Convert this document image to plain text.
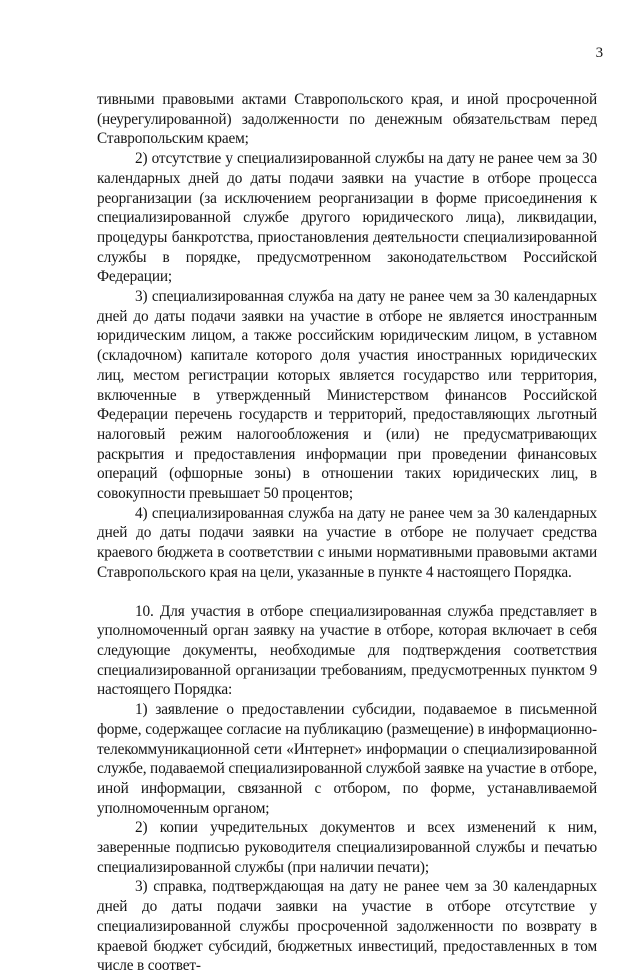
3

тивными правовыми актами Ставропольского края, и иной просроченной (неурегулированной) задолженности по денежным обязательствам перед Ставропольским краем;

2) отсутствие у специализированной службы на дату не ранее чем за 30 календарных дней до даты подачи заявки на участие в отборе процесса реорганизации (за исключением реорганизации в форме присоединения к специализированной службе другого юридического лица), ликвидации, процедуры банкротства, приостановления деятельности специализированной службы в порядке, предусмотренном законодательством Российской Федерации;

3) специализированная служба на дату не ранее чем за 30 календарных дней до даты подачи заявки на участие в отборе не является иностранным юридическим лицом, а также российским юридическим лицом, в уставном (складочном) капитале которого доля участия иностранных юридических лиц, местом регистрации которых является государство или территория, включенные в утвержденный Министерством финансов Российской Федерации перечень государств и территорий, предоставляющих льготный налоговый режим налогообложения и (или) не предусматривающих раскрытия и предоставления информации при проведении финансовых операций (офшорные зоны) в отношении таких юридических лиц, в совокупности превышает 50 процентов;

4) специализированная служба на дату не ранее чем за 30 календарных дней до даты подачи заявки на участие в отборе не получает средства краевого бюджета в соответствии с иными нормативными правовыми актами Ставропольского края на цели, указанные в пункте 4 настоящего Порядка.

10. Для участия в отборе специализированная служба представляет в уполномоченный орган заявку на участие в отборе, которая включает в себя следующие документы, необходимые для подтверждения соответствия специализированной организации требованиям, предусмотренных пунктом 9 настоящего Порядка:

1) заявление о предоставлении субсидии, подаваемое в письменной форме, содержащее согласие на публикацию (размещение) в информационно-телекоммуникационной сети «Интернет» информации о специализированной службе, подаваемой специализированной службой заявке на участие в отборе, иной информации, связанной с отбором, по форме, устанавливаемой уполномоченным органом;

2) копии учредительных документов и всех изменений к ним, заверенные подписью руководителя специализированной службы и печатью специализированной службы (при наличии печати);

3) справка, подтверждающая на дату не ранее чем за 30 календарных дней до даты подачи заявки на участие в отборе отсутствие у специализированной службы просроченной задолженности по возврату в краевой бюджет субсидий, бюджетных инвестиций, предоставленных в том числе в соответ-
